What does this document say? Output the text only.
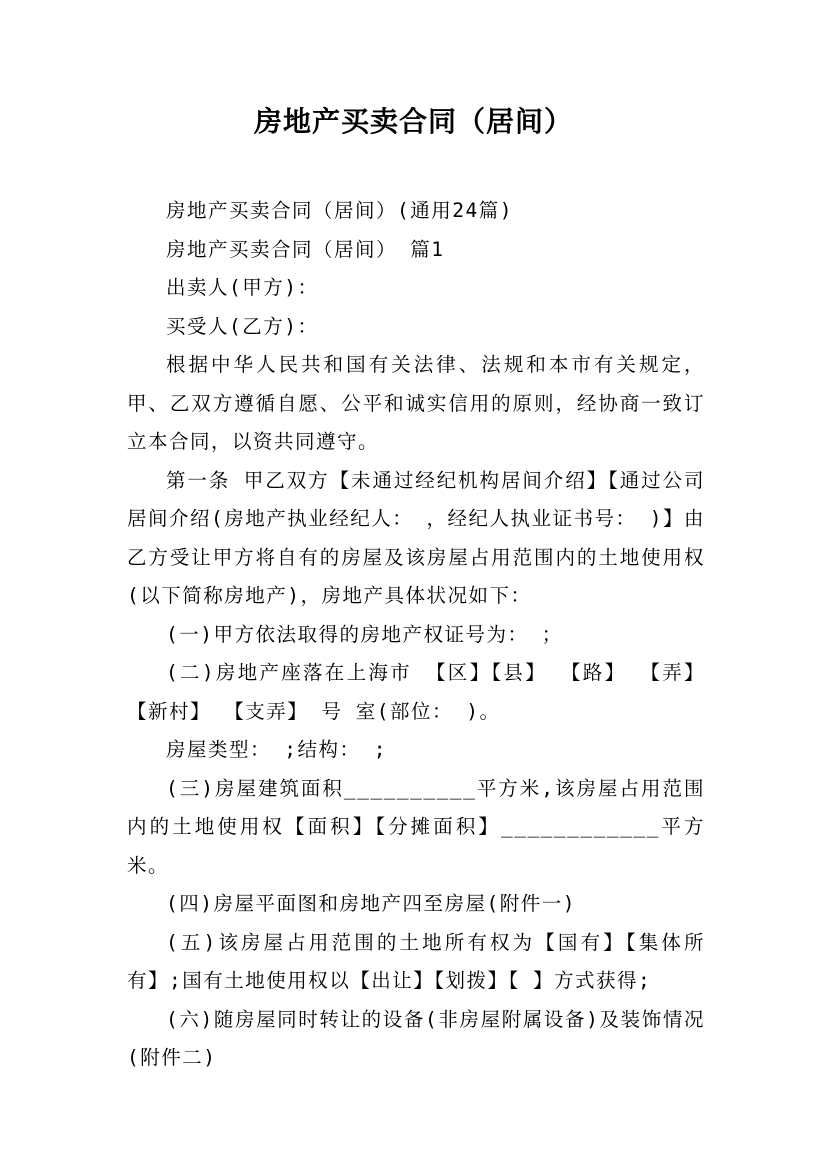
房地产买卖合同（居间）

房地产买卖合同（居间）(通用24篇)

房地产买卖合同（居间） 篇1

出卖人(甲方)：

买受人(乙方)：

根据中华人民共和国有关法律、法规和本市有关规定，甲、乙双方遵循自愿、公平和诚实信用的原则，经协商一致订立本合同，以资共同遵守。

第一条 甲乙双方【未通过经纪机构居间介绍】【通过公司居间介绍(房地产执业经纪人： ，经纪人执业证书号： )】由乙方受让甲方将自有的房屋及该房屋占用范围内的土地使用权(以下简称房地产)，房地产具体状况如下：

(一)甲方依法取得的房地产权证号为： ；

(二)房地产座落在上海市 【区】【县】 【路】 【弄】【新村】 【支弄】 号 室(部位： )。

房屋类型： ;结构： ;

(三)房屋建筑面积__________平方米,该房屋占用范围内的土地使用权【面积】【分摊面积】____________平方米。

(四)房屋平面图和房地产四至房屋(附件一)

(五)该房屋占用范围的土地所有权为【国有】【集体所有】;国有土地使用权以【出让】【划拨】【 】方式获得;

(六)随房屋同时转让的设备(非房屋附属设备)及装饰情况(附件二)
